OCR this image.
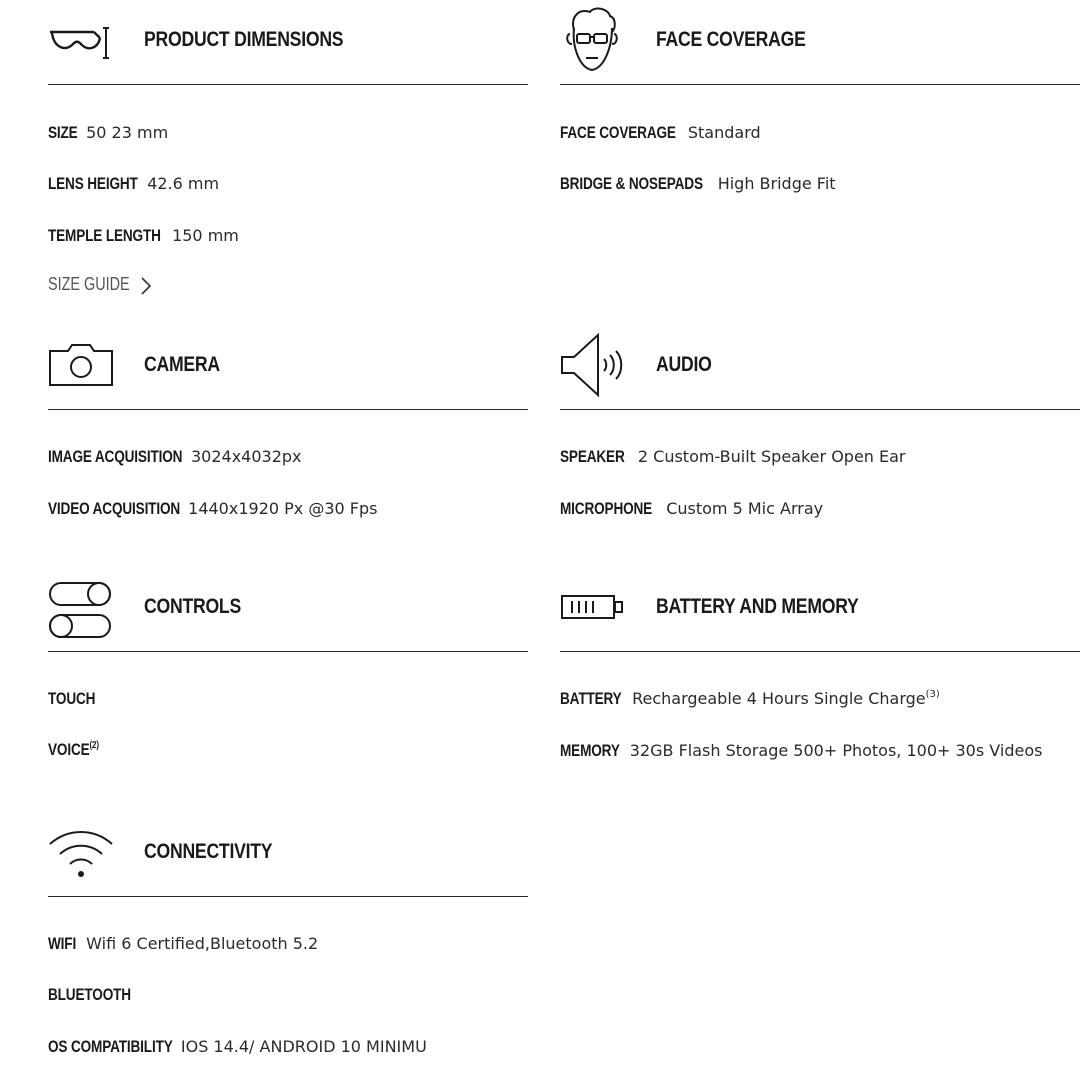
PRODUCT DIMENSIONS
SIZE 50 23 mm
LENS HEIGHT 42.6 mm
TEMPLE LENGTH 150 mm
SIZE GUIDE
FACE COVERAGE
FACE COVERAGE Standard
BRIDGE & NOSEPADS High Bridge Fit
CAMERA
IMAGE ACQUISITION 3024x4032px
VIDEO ACQUISITION 1440x1920 Px @30 Fps
AUDIO
SPEAKER 2 Custom-Built Speaker Open Ear
MICROPHONE Custom 5 Mic Array
CONTROLS
TOUCH
VOICE$^{(2)}$
BATTERY AND MEMORY
BATTERY Rechargeable 4 Hours Single Charge$^{(3)}$
MEMORY 32GB Flash Storage 500+ Photos, 100+ 30s Videos
CONNECTIVITY
WIFI Wifi 6 Certified,Bluetooth 5.2
BLUETOOTH
OS COMPATIBILITY IOS 14.4/ ANDROID 10 MINIMU
